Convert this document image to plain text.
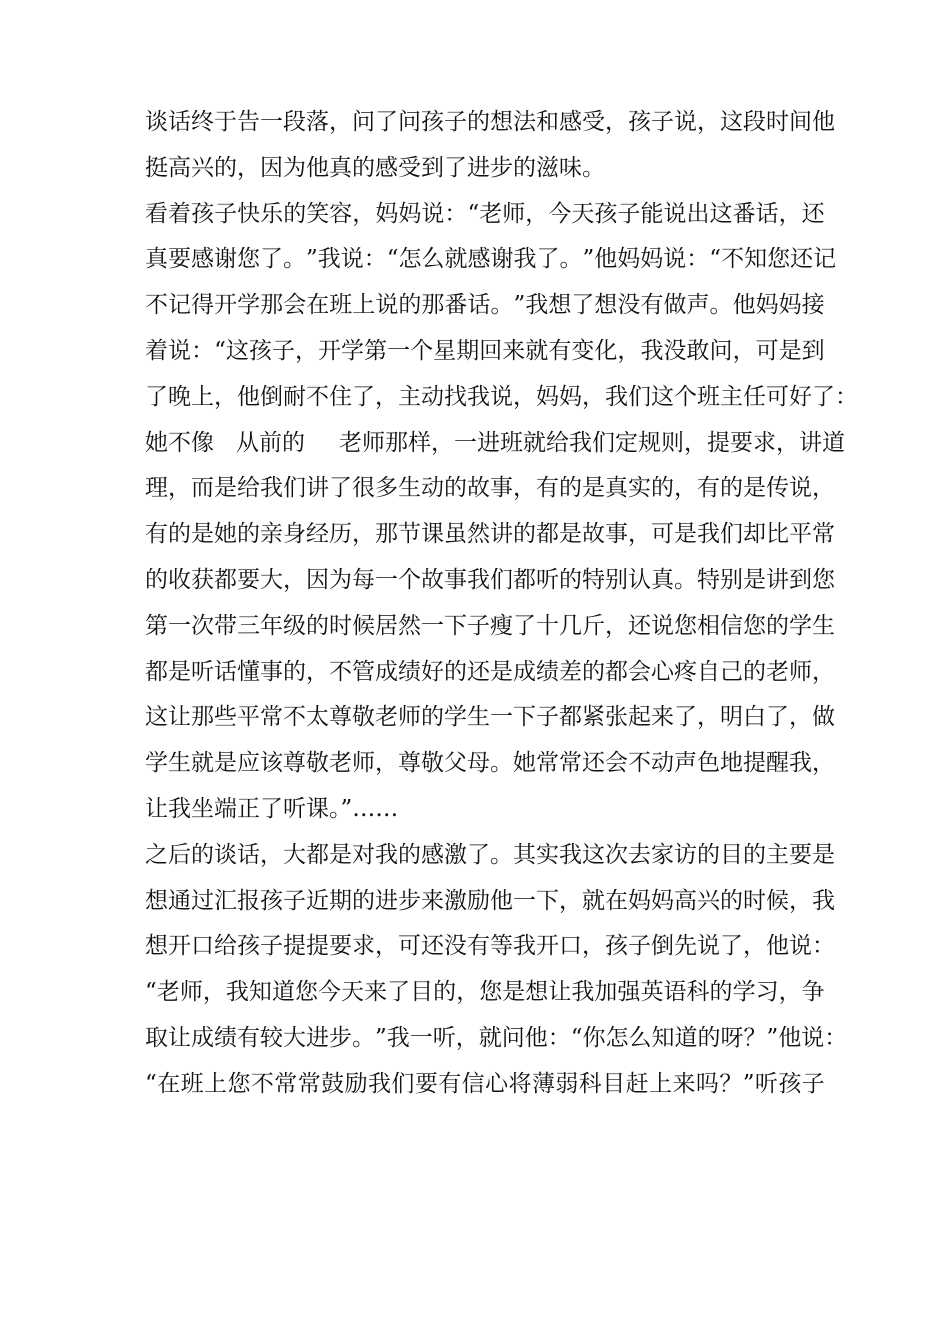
谈 话 终 于 告 一 段 落 ， 问 了 问 孩 子 的 想 法 和 感 受 ， 孩 子 说 ， 这 段 时 间 他
挺高兴的，因为他真的感受到了进步的滋味。
看 着 孩 子 快 乐 的 笑 容 ， 妈 妈 说 ： “ 老 师 ， 今 天 孩 子 能 说 出 这 番 话 ， 还
真 要 感 谢 您 了 。 ” 我 说 ： “ 怎 么 就 感 谢 我 了 。 ” 他 妈 妈 说 ： “ 不 知 您 还 记
不 记 得 开 学 那 会 在 班 上 说 的 那 番 话 。 ” 我 想 了 想 没 有 做 声 。 他 妈 妈 接
着 说 ： “ 这 孩 子 ， 开 学 第 一 个 星 期 回 来 就 有 变 化 ， 我 没 敢 问 ， 可 是 到
了 晚 上 ， 他 倒 耐 不 住 了 ， 主 动 找 我 说 ， 妈 妈 ， 我 们 这 个 班 主 任 可 好 了 ：
她不像 从前的 老师那样，一进班就给我们定规则，提要求，讲道
理 ， 而 是 给 我 们 讲 了 很 多 生 动 的 故 事 ， 有 的 是 真 实 的 ， 有 的 是 传 说 ，
有 的 是 她 的 亲 身 经 历 ， 那 节 课 虽 然 讲 的 都 是 故 事 ， 可 是 我 们 却 比 平 常
的 收 获 都 要 大 ， 因 为 每 一 个 故 事 我 们 都 听 的 特 别 认 真 。 特 别 是 讲 到 您
第 一 次 带 三 年 级 的 时 候 居 然 一 下 子 瘦 了 十 几 斤 ， 还 说 您 相 信 您 的 学 生
都 是 听 话 懂 事 的 ， 不 管 成 绩 好 的 还 是 成 绩 差 的 都 会 心 疼 自 己 的 老 师 ，
这 让 那 些 平 常 不 太 尊 敬 老 师 的 学 生 一 下 子 都 紧 张 起 来 了 ， 明 白 了 ， 做
学 生 就 是 应 该 尊 敬 老 师 ， 尊 敬 父 母 。 她 常 常 还 会 不 动 声 色 地 提 醒 我 ，
让我坐端正了听课。”……
之 后 的 谈 话 ， 大 都 是 对 我 的 感 激 了 。 其 实 我 这 次 去 家 访 的 目 的 主 要 是
想 通 过 汇 报 孩 子 近 期 的 进 步 来 激 励 他 一 下 ， 就 在 妈 妈 高 兴 的 时 候 ， 我
想 开 口 给 孩 子 提 提 要 求 ， 可 还 没 有 等 我 开 口 ， 孩 子 倒 先 说 了 ， 他 说 ：
“ 老 师 ， 我 知 道 您 今 天 来 了 目 的 ， 您 是 想 让 我 加 强 英 语 科 的 学 习 ， 争
取 让 成 绩 有 较 大 进 步 。 ” 我 一 听 ， 就 问 他 ： “ 你 怎 么 知 道 的 呀 ？ ” 他 说 ：
“ 在 班 上 您 不 常 常 鼓 励 我 们 要 有 信 心 将 薄 弱 科 目 赶 上 来 吗 ？ ” 听 孩 子
